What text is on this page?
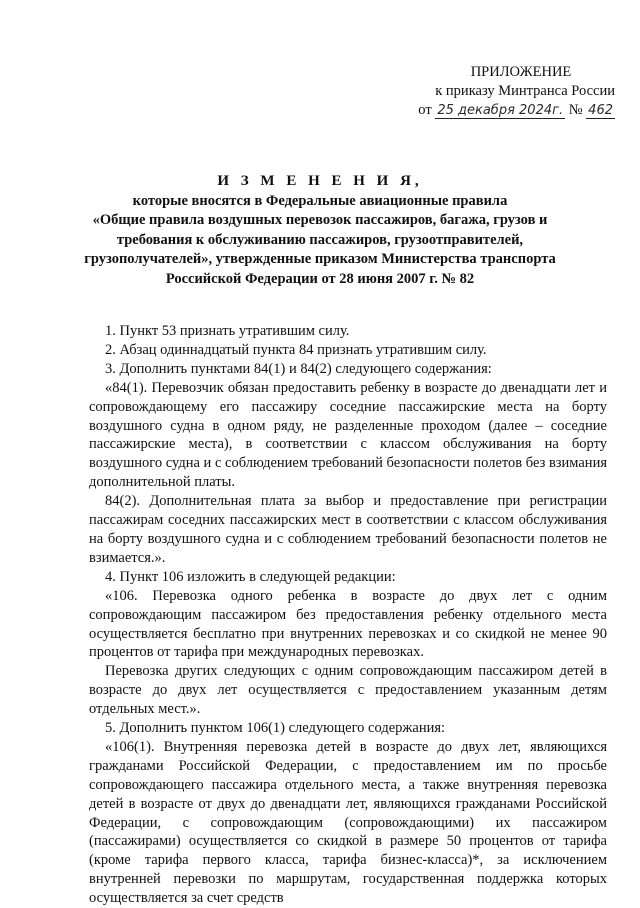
ПРИЛОЖЕНИЕ
к приказу Минтранса России
от 25 декабря 2024г. № 462
И З М Е Н Е Н И Я,
которые вносятся в Федеральные авиационные правила
«Общие правила воздушных перевозок пассажиров, багажа, грузов и
требования к обслуживанию пассажиров, грузоотправителей,
грузополучателей», утвержденные приказом Министерства транспорта
Российской Федерации от 28 июня 2007 г. № 82

1. Пункт 53 признать утратившим силу.

2. Абзац одиннадцатый пункта 84 признать утратившим силу.

3. Дополнить пунктами 84(1) и 84(2) следующего содержания:

«84(1). Перевозчик обязан предоставить ребенку в возрасте до двенадцати лет и сопровождающему его пассажиру соседние пассажирские места на борту воздушного судна в одном ряду, не разделенные проходом (далее – соседние пассажирские места), в соответствии с классом обслуживания на борту воздушного судна и с соблюдением требований безопасности полетов без взимания дополнительной платы.

84(2). Дополнительная плата за выбор и предоставление при регистрации пассажирам соседних пассажирских мест в соответствии с классом обслуживания на борту воздушного судна и с соблюдением требований безопасности полетов не взимается.».

4. Пункт 106 изложить в следующей редакции:

«106. Перевозка одного ребенка в возрасте до двух лет с одним сопровождающим пассажиром без предоставления ребенку отдельного места осуществляется бесплатно при внутренних перевозках и со скидкой не менее 90 процентов от тарифа при международных перевозках.

Перевозка других следующих с одним сопровождающим пассажиром детей в возрасте до двух лет осуществляется с предоставлением указанным детям отдельных мест.».

5. Дополнить пунктом 106(1) следующего содержания:

«106(1). Внутренняя перевозка детей в возрасте до двух лет, являющихся гражданами Российской Федерации, с предоставлением им по просьбе сопровождающего пассажира отдельного места, а также внутренняя перевозка детей в возрасте от двух до двенадцати лет, являющихся гражданами Российской Федерации, с сопровождающим (сопровождающими) их пассажиром (пассажирами) осуществляется со скидкой в размере 50 процентов от тарифа (кроме тарифа первого класса, тарифа бизнес-класса)*, за исключением внутренней перевозки по маршрутам, государственная поддержка которых осуществляется за счет средств
